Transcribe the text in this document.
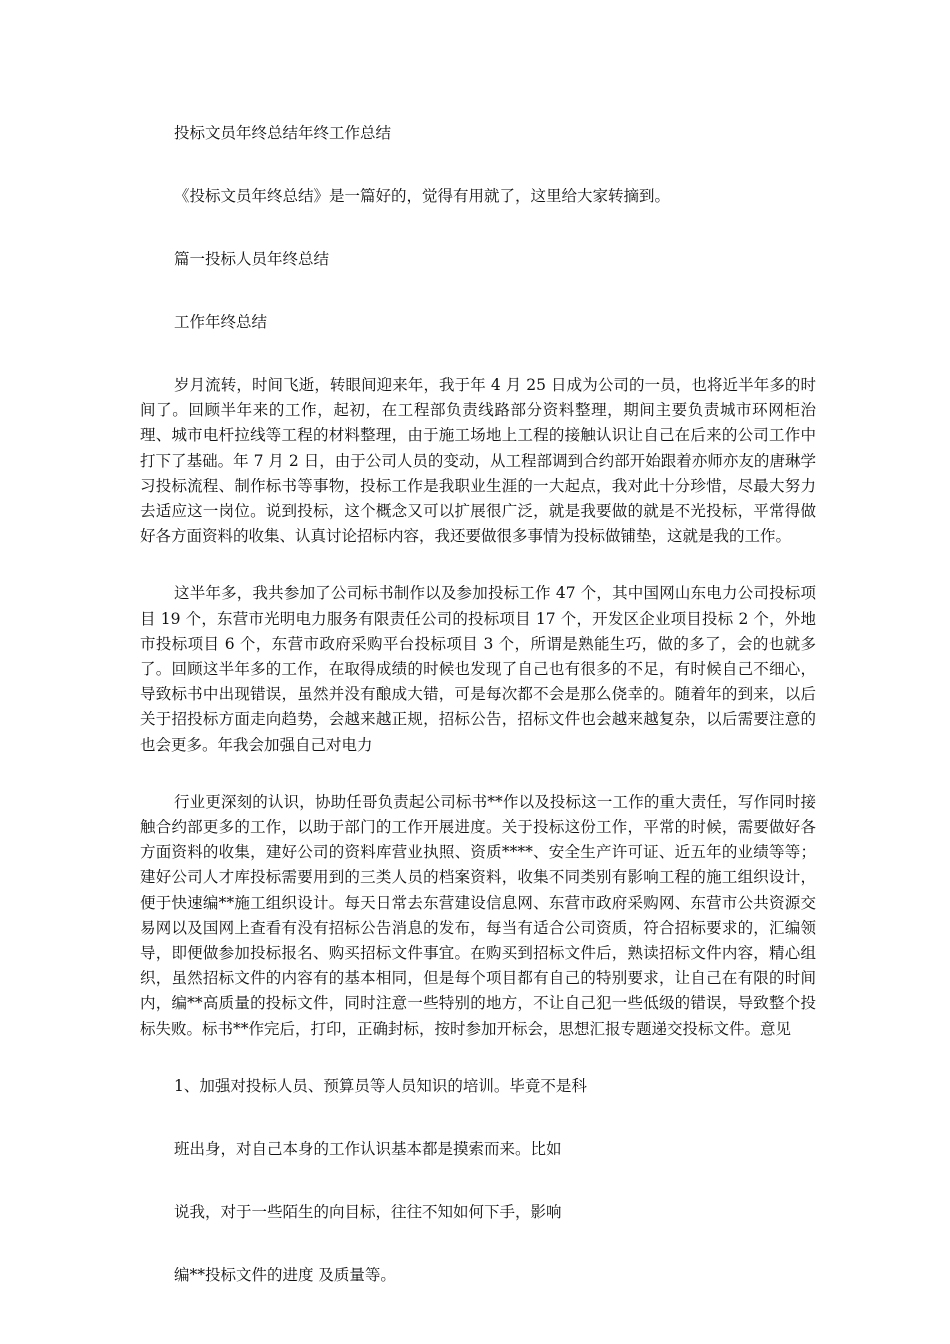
投标文员年终总结年终工作总结
《投标文员年终总结》是一篇好的，觉得有用就了，这里给大家转摘到。
篇一投标人员年终总结
工作年终总结

岁月流转，时间飞逝，转眼间迎来年，我于年 4 月 25 日成为公司的一员，也将近半年多的时间了。回顾半年来的工作，起初，在工程部负责线路部分资料整理，期间主要负责城市环网柜治理、城市电杆拉线等工程的材料整理，由于施工场地上工程的接触认识让自己在后来的公司工作中打下了基础。年 7 月 2 日，由于公司人员的变动，从工程部调到合约部开始跟着亦师亦友的唐琳学习投标流程、制作标书等事物，投标工作是我职业生涯的一大起点，我对此十分珍惜，尽最大努力去适应这一岗位。说到投标，这个概念又可以扩展很广泛，就是我要做的就是不光投标，平常得做好各方面资料的收集、认真讨论招标内容，我还要做很多事情为投标做铺垫，这就是我的工作。

这半年多，我共参加了公司标书制作以及参加投标工作 47 个，其中国网山东电力公司投标项目 19 个，东营市光明电力服务有限责任公司的投标项目 17 个，开发区企业项目投标 2 个，外地市投标项目 6 个，东营市政府采购平台投标项目 3 个，所谓是熟能生巧，做的多了，会的也就多了。回顾这半年多的工作，在取得成绩的时候也发现了自己也有很多的不足，有时候自己不细心，导致标书中出现错误，虽然并没有酿成大错，可是每次都不会是那么侥幸的。随着年的到来，以后关于招投标方面走向趋势，会越来越正规，招标公告，招标文件也会越来越复杂，以后需要注意的也会更多。年我会加强自己对电力

行业更深刻的认识，协助任哥负责起公司标书**作以及投标这一工作的重大责任，写作同时接触合约部更多的工作，以助于部门的工作开展进度。关于投标这份工作，平常的时候，需要做好各方面资料的收集，建好公司的资料库营业执照、资质****、安全生产许可证、近五年的业绩等等；建好公司人才库投标需要用到的三类人员的档案资料，收集不同类别有影响工程的施工组织设计，便于快速编**施工组织设计。每天日常去东营建设信息网、东营市政府采购网、东营市公共资源交易网以及国网上查看有没有招标公告消息的发布，每当有适合公司资质，符合招标要求的，汇编领导，即便做参加投标报名、购买招标文件事宜。在购买到招标文件后，熟读招标文件内容，精心组织，虽然招标文件的内容有的基本相同，但是每个项目都有自己的特别要求，让自己在有限的时间内，编**高质量的投标文件，同时注意一些特别的地方，不让自己犯一些低级的错误，导致整个投标失败。标书**作完后，打印，正确封标，按时参加开标会，思想汇报专题递交投标文件。意见

1、加强对投标人员、预算员等人员知识的培训。毕竟不是科
班出身，对自己本身的工作认识基本都是摸索而来。比如
说我，对于一些陌生的向目标，往往不知如何下手，影响
编**投标文件的进度 及质量等。
